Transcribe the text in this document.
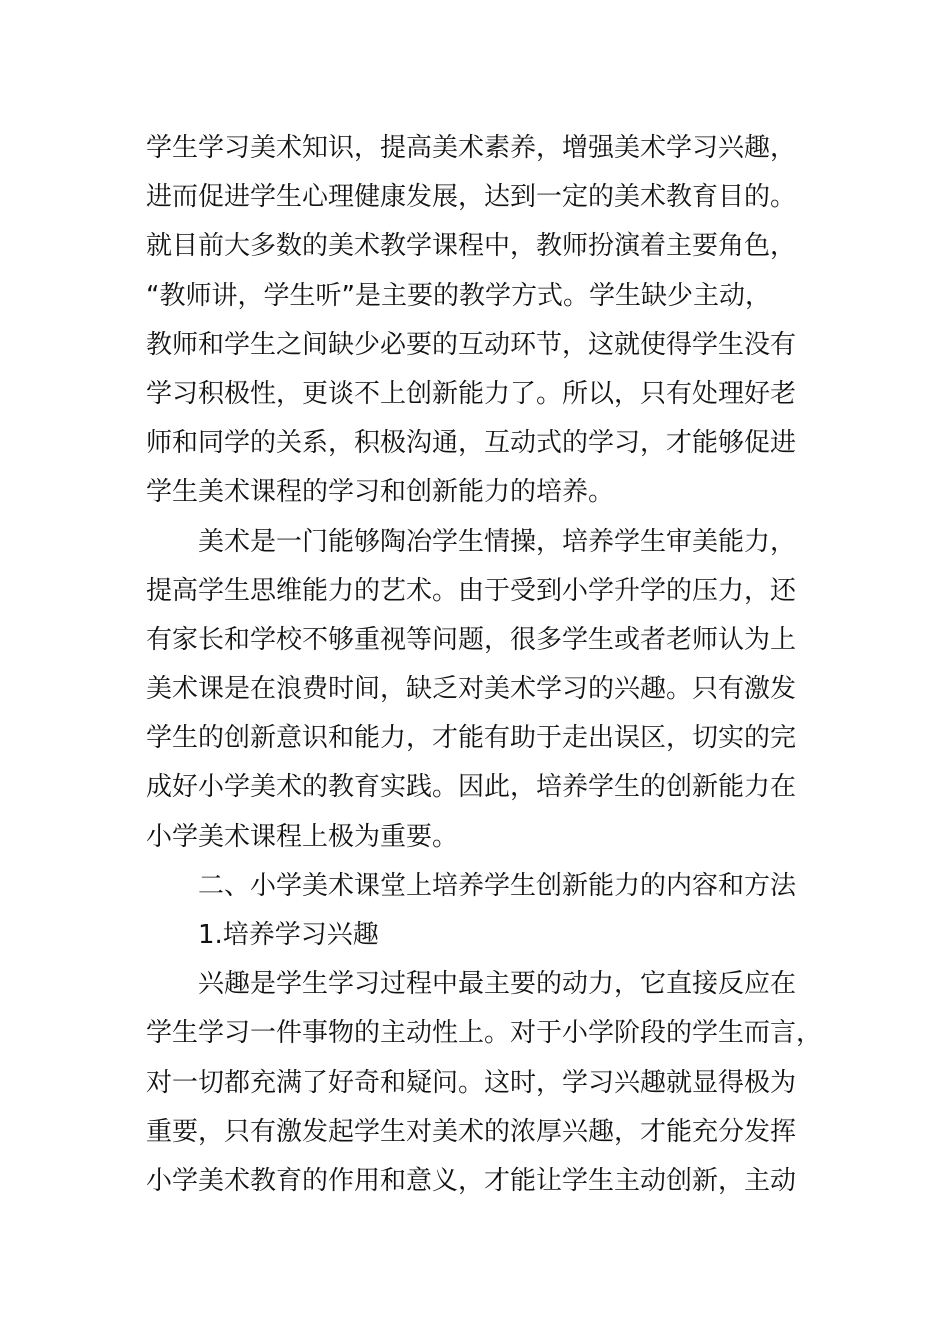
学生学习美术知识，提高美术素养，增强美术学习兴趣，
进而促进学生心理健康发展，达到一定的美术教育目的。
就目前大多数的美术教学课程中，教师扮演着主要角色，
“教师讲，学生听”是主要的教学方式。学生缺少主动，
教师和学生之间缺少必要的互动环节，这就使得学生没有
学习积极性，更谈不上创新能力了。所以，只有处理好老
师和同学的关系，积极沟通，互动式的学习，才能够促进
学生美术课程的学习和创新能力的培养。
美术是一门能够陶冶学生情操，培养学生审美能力，
提高学生思维能力的艺术。由于受到小学升学的压力，还
有家长和学校不够重视等问题，很多学生或者老师认为上
美术课是在浪费时间，缺乏对美术学习的兴趣。只有激发
学生的创新意识和能力，才能有助于走出误区，切实的完
成好小学美术的教育实践。因此，培养学生的创新能力在
小学美术课程上极为重要。
二、小学美术课堂上培养学生创新能力的内容和方法
1.培养学习兴趣
兴趣是学生学习过程中最主要的动力，它直接反应在
学生学习一件事物的主动性上。对于小学阶段的学生而言，
对一切都充满了好奇和疑问。这时，学习兴趣就显得极为
重要，只有激发起学生对美术的浓厚兴趣，才能充分发挥
小学美术教育的作用和意义，才能让学生主动创新，主动
